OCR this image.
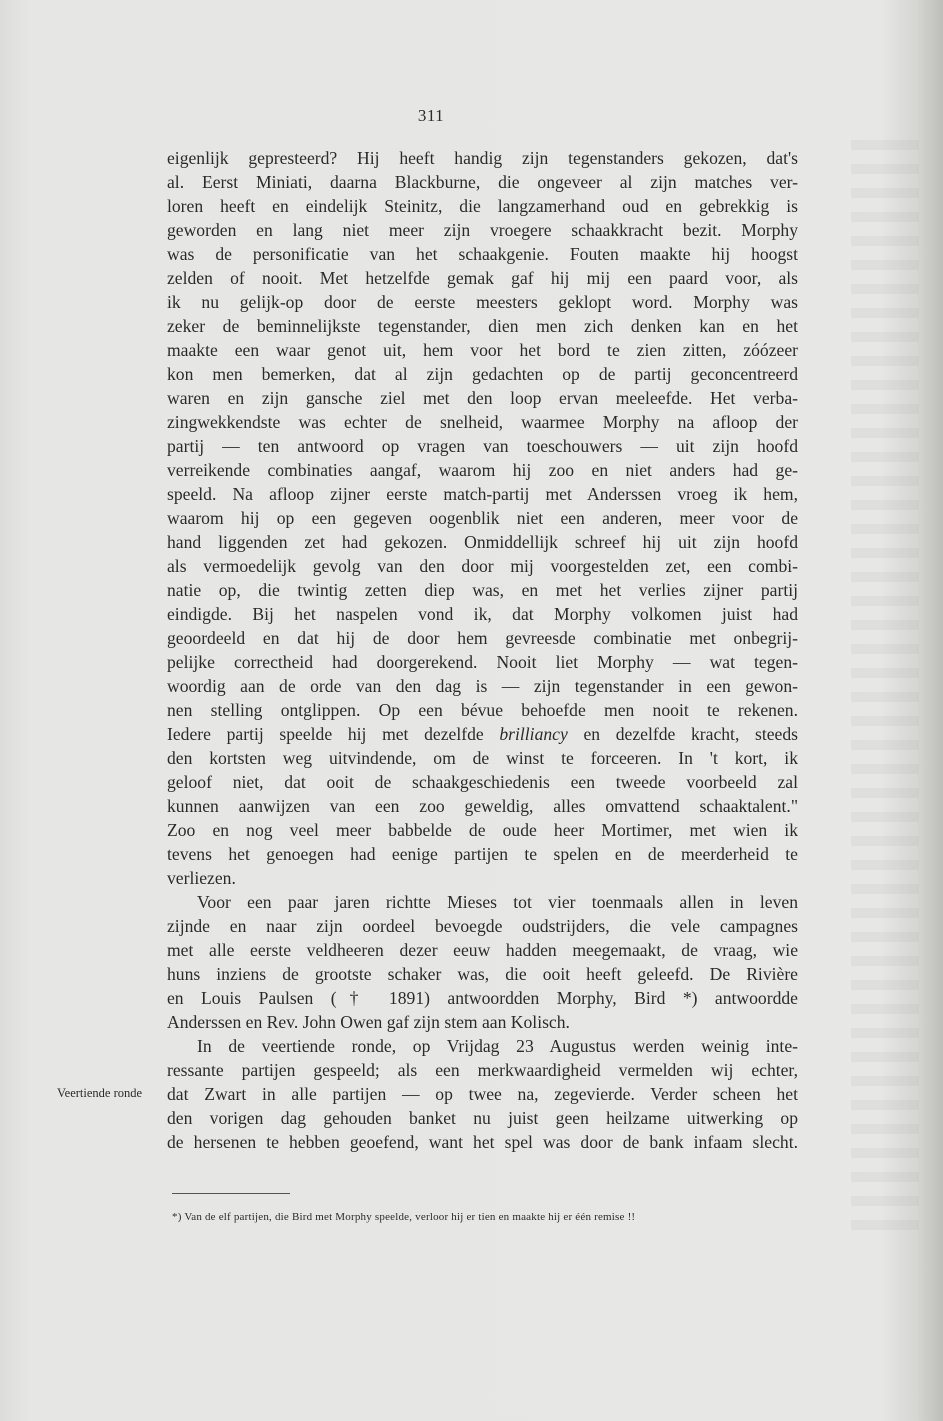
311
eigenlijk gepresteerd? Hij heeft handig zijn tegenstanders gekozen, dat's
al. Eerst Miniati, daarna Blackburne, die ongeveer al zijn matches ver-
loren heeft en eindelijk Steinitz, die langzamerhand oud en gebrekkig is
geworden en lang niet meer zijn vroegere schaakkracht bezit. Morphy
was de personificatie van het schaakgenie. Fouten maakte hij hoogst
zelden of nooit. Met hetzelfde gemak gaf hij mij een paard voor, als
ik nu gelijk-op door de eerste meesters geklopt word. Morphy was
zeker de beminnelijkste tegenstander, dien men zich denken kan en het
maakte een waar genot uit, hem voor het bord te zien zitten, zóózeer
kon men bemerken, dat al zijn gedachten op de partij geconcentreerd
waren en zijn gansche ziel met den loop ervan meeleefde. Het verba-
zingwekkendste was echter de snelheid, waarmee Morphy na afloop der
partij — ten antwoord op vragen van toeschouwers — uit zijn hoofd
verreikende combinaties aangaf, waarom hij zoo en niet anders had ge-
speeld. Na afloop zijner eerste match-partij met Anderssen vroeg ik hem,
waarom hij op een gegeven oogenblik niet een anderen, meer voor de
hand liggenden zet had gekozen. Onmiddellijk schreef hij uit zijn hoofd
als vermoedelijk gevolg van den door mij voorgestelden zet, een combi-
natie op, die twintig zetten diep was, en met het verlies zijner partij
eindigde. Bij het naspelen vond ik, dat Morphy volkomen juist had
geoordeeld en dat hij de door hem gevreesde combinatie met onbegrij-
pelijke correctheid had doorgerekend. Nooit liet Morphy — wat tegen-
woordig aan de orde van den dag is — zijn tegenstander in een gewon-
nen stelling ontglippen. Op een bévue behoefde men nooit te rekenen.
Iedere partij speelde hij met dezelfde brilliancy en dezelfde kracht, steeds
den kortsten weg uitvindende, om de winst te forceeren. In 't kort, ik
geloof niet, dat ooit de schaakgeschiedenis een tweede voorbeeld zal
kunnen aanwijzen van een zoo geweldig, alles omvattend schaaktalent."
Zoo en nog veel meer babbelde de oude heer Mortimer, met wien ik
tevens het genoegen had eenige partijen te spelen en de meerderheid te
verliezen.
Voor een paar jaren richtte Mieses tot vier toenmaals allen in leven
zijnde en naar zijn oordeel bevoegde oudstrijders, die vele campagnes
met alle eerste veldheeren dezer eeuw hadden meegemaakt, de vraag, wie
huns inziens de grootste schaker was, die ooit heeft geleefd. De Rivière
en Louis Paulsen († 1891) antwoordden Morphy, Bird *) antwoordde
Anderssen en Rev. John Owen gaf zijn stem aan Kolisch.
In de veertiende ronde, op Vrijdag 23 Augustus werden weinig inte-
ressante partijen gespeeld; als een merkwaardigheid vermelden wij echter,
dat Zwart in alle partijen — op twee na, zegevierde. Verder scheen het
den vorigen dag gehouden banket nu juist geen heilzame uitwerking op
de hersenen te hebben geoefend, want het spel was door de bank infaam slecht.
Veertiende ronde
*) Van de elf partijen, die Bird met Morphy speelde, verloor hij er tien en maakte hij er één remise !!
